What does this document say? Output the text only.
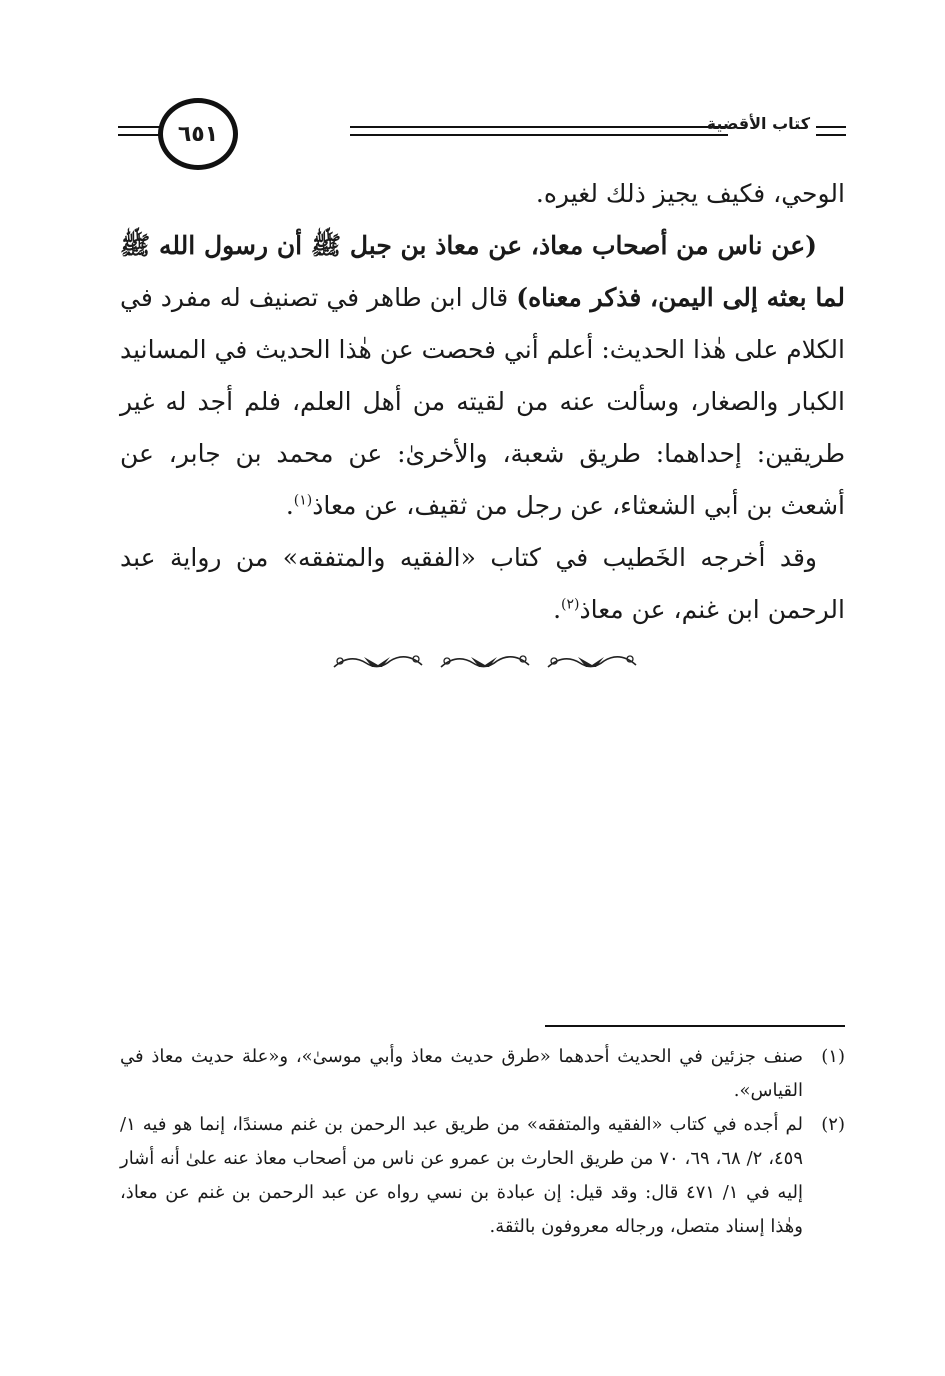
٦٥١	كتاب الأقضية

الوحي، فكيف يجيز ذلك لغيره.

(عن ناس من أصحاب معاذ، عن معاذ بن جبل ﷺ أن رسول الله ﷺ لما بعثه إلى اليمن، فذكر معناه) قال ابن طاهر في تصنيف له مفرد في الكلام على هٰذا الحديث: أعلم أني فحصت عن هٰذا الحديث في المسانيد الكبار والصغار، وسألت عنه من لقيته من أهل العلم، فلم أجد له غير طريقين: إحداهما: طريق شعبة، والأخرىٰ: عن محمد بن جابر، عن أشعث بن أبي الشعثاء، عن رجل من ثقيف، عن معاذ$^{(١)}$.

وقد أخرجه الخَطيب في كتاب «الفقيه والمتفقه» من رواية عبد الرحمن ابن غنم، عن معاذ$^{(٢)}$.

(١)
صنف جزئين في الحديث أحدهما «طرق حديث معاذ وأبي موسىٰ»، و«علة حديث معاذ في القياس».
(٢)
لم أجده في كتاب «الفقيه والمتفقه» من طريق عبد الرحمن بن غنم مسندًا، إنما هو فيه ١/ ٤٥٩، ٢/ ٦٨، ٦٩، ٧٠ من طريق الحارث بن عمرو عن ناس من أصحاب معاذ عنه علىٰ أنه أشار إليه في ١/ ٤٧١ قال: وقد قيل: إن عبادة بن نسي رواه عن عبد الرحمن بن غنم عن معاذ، وهٰذا إسناد متصل، ورجاله معروفون بالثقة.
